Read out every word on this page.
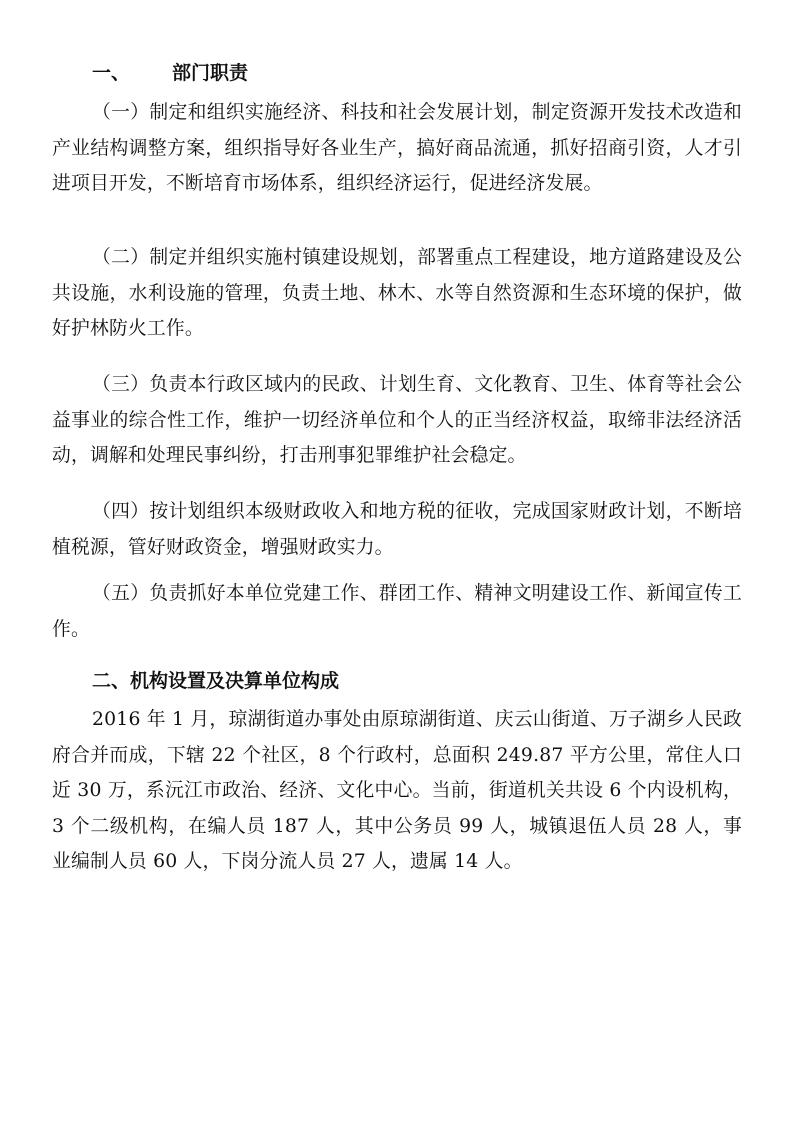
一、 部门职责

（一）制定和组织实施经济、科技和社会发展计划，制定资源开发技术改造和产业结构调整方案，组织指导好各业生产，搞好商品流通，抓好招商引资，人才引进项目开发，不断培育市场体系，组织经济运行，促进经济发展。

（二）制定并组织实施村镇建设规划，部署重点工程建设，地方道路建设及公共设施，水利设施的管理，负责土地、林木、水等自然资源和生态环境的保护，做好护林防火工作。

（三）负责本行政区域内的民政、计划生育、文化教育、卫生、体育等社会公益事业的综合性工作，维护一切经济单位和个人的正当经济权益，取缔非法经济活动，调解和处理民事纠纷，打击刑事犯罪维护社会稳定。

（四）按计划组织本级财政收入和地方税的征收，完成国家财政计划，不断培植税源，管好财政资金，增强财政实力。

（五）负责抓好本单位党建工作、群团工作、精神文明建设工作、新闻宣传工作。

二、机构设置及决算单位构成

2016 年 1 月，琼湖街道办事处由原琼湖街道、庆云山街道、万子湖乡人民政府合并而成，下辖 22 个社区，8 个行政村，总面积 249.87 平方公里，常住人口近 30 万，系沅江市政治、经济、文化中心。当前，街道机关共设 6 个内设机构，3 个二级机构，在编人员 187 人，其中公务员 99 人，城镇退伍人员 28 人，事业编制人员 60 人，下岗分流人员 27 人，遗属 14 人。
